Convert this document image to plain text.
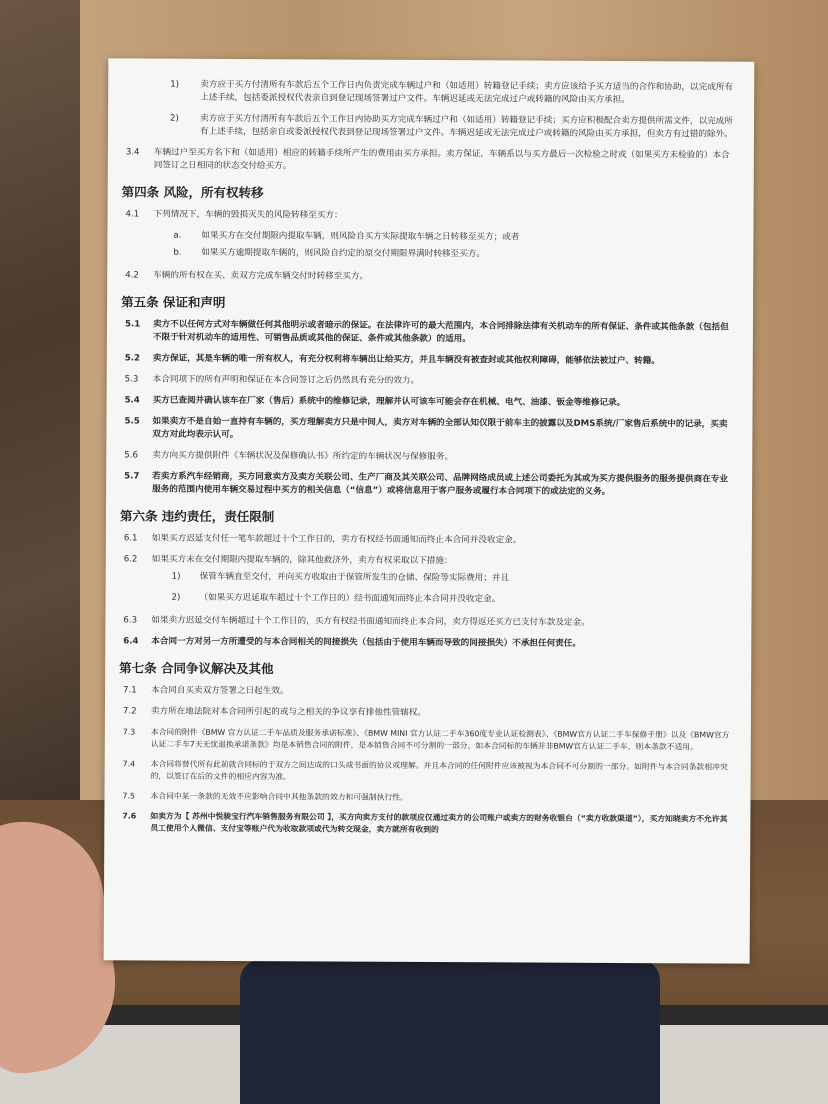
1)	卖方应于买方付清所有车款后五个工作日内负责完成车辆过户和（如适用）转籍登记手续；卖方应该给予买方适当的合作和协助，以完成所有上述手续，包括委派授权代表亲自到登记现场签署过户文件。车辆迟延或无法完成过户或转籍的风险由买方承担。
2)	卖方应于买方付清所有车款后五个工作日内协助买方完成车辆过户和（如适用）转籍登记手续；买方应积极配合卖方提供所需文件，以完成所有上述手续，包括亲自或委派授权代表到登记现场签署过户文件。车辆迟延或无法完成过户或转籍的风险由买方承担，但卖方有过错的除外。
3.4	车辆过户至买方名下和（如适用）相应的转籍手续所产生的费用由买方承担。卖方保证，车辆系以与买方最后一次检验之时或（如果买方未检验的）本合同签订之日相同的状态交付给买方。
第四条 风险，所有权转移
4.1	下列情况下，车辆的毁损灭失的风险转移至买方：
a.	如果买方在交付期限内提取车辆，则风险自买方实际提取车辆之日转移至买方；或者
b.	如果买方逾期提取车辆的，则风险自约定的原交付期限界满时转移至买方。
4.2	车辆的所有权在买、卖双方完成车辆交付时转移至买方。
第五条 保证和声明
5.1	卖方不以任何方式对车辆做任何其他明示或者暗示的保证。在法律许可的最大范围内，本合同排除法律有关机动车的所有保证、条件或其他条款（包括但不限于针对机动车的适用性、可销售品质或其他的保证、条件或其他条款）的适用。
5.2	卖方保证，其是车辆的唯一所有权人，有充分权利将车辆出让给买方，并且车辆没有被查封或其他权利障碍，能够依法被过户、转籍。
5.3	本合同项下的所有声明和保证在本合同签订之后仍然具有充分的效力。
5.4	买方已查阅并确认该车在厂家（售后）系统中的维修记录，理解并认可该车可能会存在机械、电气、油漆、钣金等维修记录。
5.5	如果卖方不是自始一直持有车辆的，买方理解卖方只是中间人，卖方对车辆的全部认知仅限于前车主的披露以及DMS系统/厂家售后系统中的记录，买卖双方对此均表示认可。
5.6	卖方向买方提供附件《车辆状况及保修确认书》所约定的车辆状况与保修服务。
5.7	若卖方系汽车经销商，买方同意卖方及卖方关联公司、生产厂商及其关联公司、品牌网络成员或上述公司委托为其或为买方提供服务的服务提供商在专业服务的范围内使用车辆交易过程中买方的相关信息（“信息”）或将信息用于客户服务或履行本合同项下的或法定的义务。
第六条 违约责任，责任限制
6.1	如果买方迟延支付任一笔车款超过十个工作日的，卖方有权经书面通知而终止本合同并没收定金。
6.2	如果买方未在交付期限内提取车辆的，除其他救济外，卖方有权采取以下措施：
1)	保管车辆直至交付，并向买方收取由于保管所发生的仓储、保险等实际费用；并且
2)	（如果买方迟延取车超过十个工作日的）经书面通知而终止本合同并没收定金。
6.3	如果卖方迟延交付车辆超过十个工作日的，买方有权经书面通知而终止本合同，卖方得返还买方已支付车款及定金。
6.4	本合同一方对另一方所遭受的与本合同相关的间接损失（包括由于使用车辆而导致的间接损失）不承担任何责任。
第七条 合同争议解决及其他
7.1	本合同自买卖双方签署之日起生效。
7.2	卖方所在地法院对本合同所引起的或与之相关的争议享有排他性管辖权。
7.3	本合同的附件《BMW 官方认证二手车品质及服务承诺标准》、《BMW MINI 官方认证二手车360度专业认证检测表》、《BMW官方认证二手车保修手册》以及《BMW官方认证二手车7天无忧退换承诺条款》均是本销售合同的附件，是本销售合同不可分割的一部分。如本合同标的车辆并非BMW官方认证二手车，则本条款不适用。
7.4	本合同将替代所有此前就合同标的于双方之间达成的口头或书面的协议或理解。并且本合同的任何附件应该被视为本合同不可分割的一部分。如附件与本合同条款相冲突的，以签订在后的文件的相应内容为准。
7.5	本合同中某一条款的无效不应影响合同中其他条款的效力和可强制执行性。
7.6	如卖方为【 苏州中悦骏宝行汽车销售服务有限公司 】，买方向卖方支付的款项应仅通过卖方的公司账户或卖方的财务收银台（“卖方收款渠道”），买方知晓卖方不允许其员工使用个人微信、支付宝等账户代为收取款项或代为转交现金，卖方就所有收到的
